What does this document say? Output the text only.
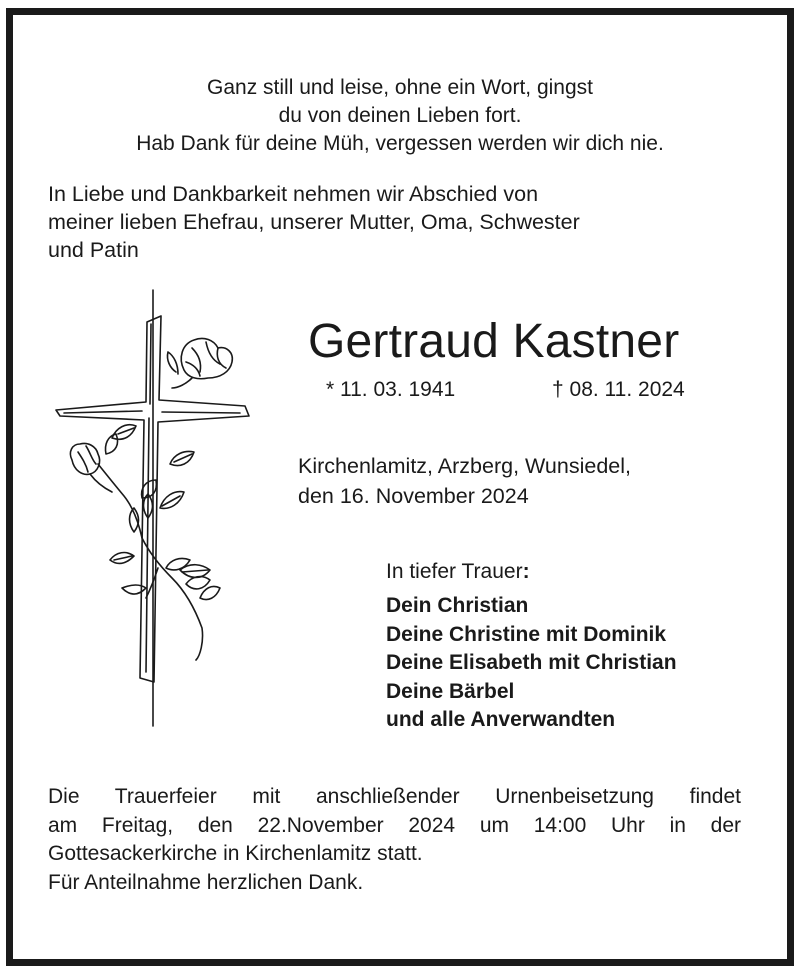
Ganz still und leise, ohne ein Wort, gingst
du von deinen Lieben fort.
Hab Dank für deine Müh, vergessen werden wir dich nie.
In Liebe und Dankbarkeit nehmen wir Abschied von
meiner lieben Ehefrau, unserer Mutter, Oma, Schwester
und Patin
Gertraud Kastner
* 11. 03. 1941	† 08. 11. 2024
Kirchenlamitz, Arzberg, Wunsiedel,
den 16. November 2024
In tiefer Trauer:
Dein Christian
Deine Christine mit Dominik
Deine Elisabeth mit Christian
Deine Bärbel
und alle Anverwandten
Die Trauerfeier mit anschließender Urnenbeisetzung findet
am Freitag, den 22.November 2024 um 14:00 Uhr in der
Gottesackerkirche in Kirchenlamitz statt.
Für Anteilnahme herzlichen Dank.
